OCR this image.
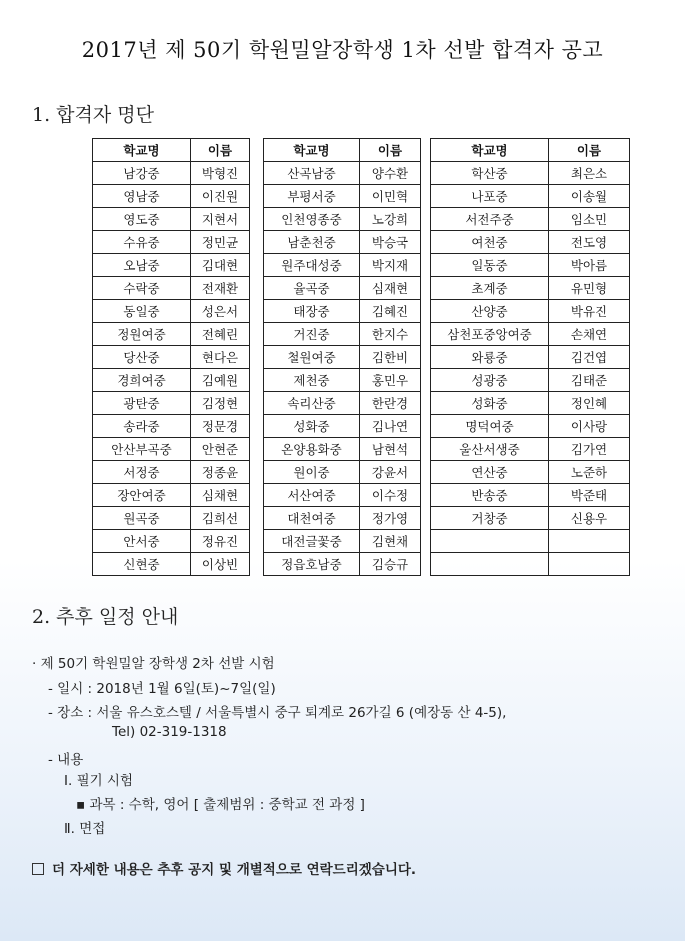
2017년 제 50기 학원밀알장학생 1차 선발 합격자 공고
1. 합격자 명단
학교명	이름
남강중	박형진
영남중	이진원
영도중	지현서
수유중	정민균
오남중	김대현
수락중	전재환
동일중	성은서
정원여중	전혜린
당산중	현다은
경희여중	김예원
광탄중	김정현
송라중	정문경
안산부곡중	안현준
서정중	정종윤
장안여중	심채현
원곡중	김희선
안서중	정유진
신현중	이상빈
학교명	이름
산곡남중	양수환
부평서중	이민혁
인천영종중	노강희
남춘천중	박승국
원주대성중	박지재
율곡중	심재현
태장중	김혜진
거진중	한지수
철원여중	김한비
제천중	홍민우
속리산중	한란경
성화중	김나연
온양용화중	남현석
원이중	강윤서
서산여중	이수정
대천여중	정가영
대전글꽃중	김현채
정읍호남중	김승규
학교명	이름
학산중	최은소
나포중	이송월
서전주중	임소민
여천중	전도영
일동중	박아름
초계중	유민형
산양중	박유진
삼천포중앙여중	손채연
와룡중	김건엽
성광중	김태준
성화중	정인혜
명덕여중	이사랑
울산서생중	김가연
연산중	노준하
반송중	박준태
거창중	신용우

2. 추후 일정 안내
· 제 50기 학원밀알 장학생 2차 선발 시험
- 일시 : 2018년 1월 6일(토)~7일(일)
- 장소 : 서울 유스호스텔 / 서울특별시 중구 퇴계로 26가길 6 (예장동 산 4-5),
Tel) 02-319-1318
- 내용
Ⅰ. 필기 시험
▪ 과목 : 수학, 영어 [ 출제범위 : 중학교 전 과정 ]
Ⅱ. 면접
더 자세한 내용은 추후 공지 및 개별적으로 연락드리겠습니다.
